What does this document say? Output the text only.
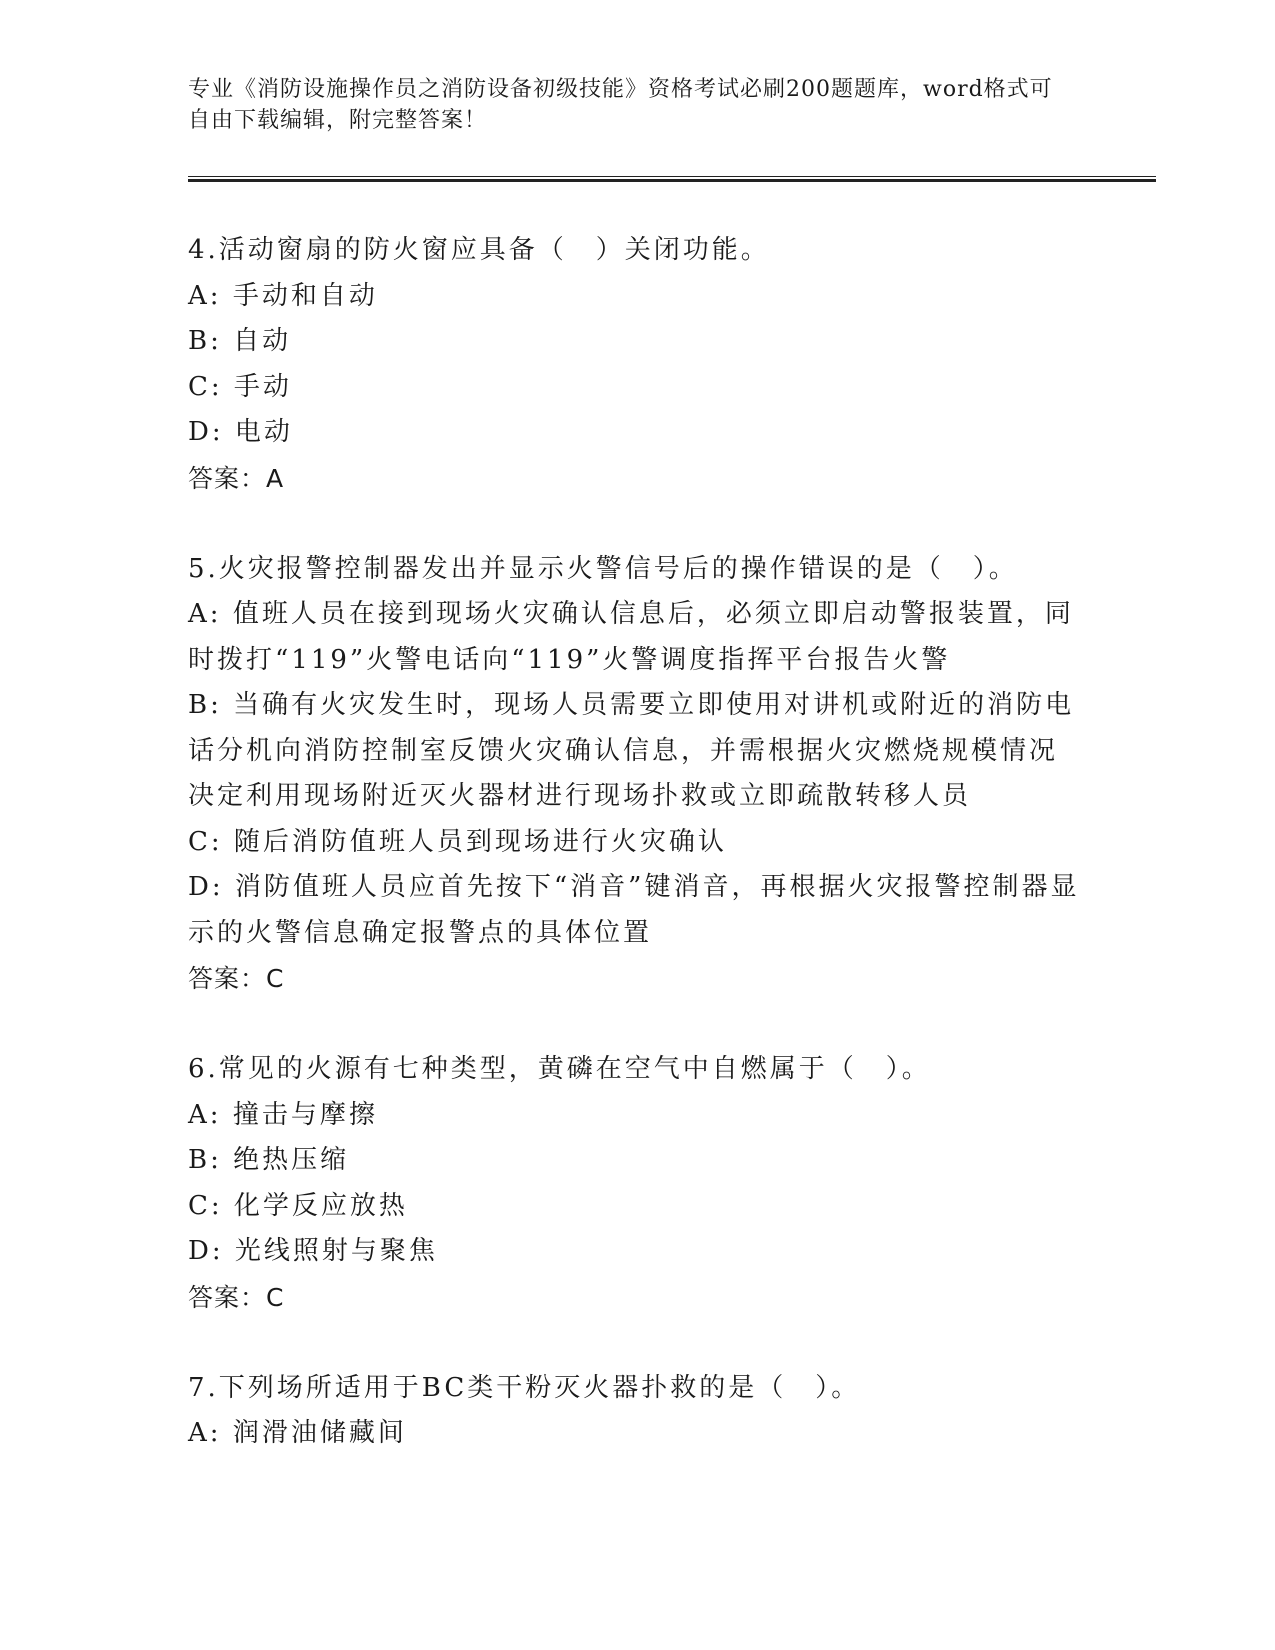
专业《消防设施操作员之消防设备初级技能》资格考试必刷200题题库，word格式可自由下载编辑，附完整答案！
4.活动窗扇的防火窗应具备（　）关闭功能。
A: 手动和自动
B: 自动
C: 手动
D: 电动
答案：A
5.火灾报警控制器发出并显示火警信号后的操作错误的是（　）。
A: 值班人员在接到现场火灾确认信息后，必须立即启动警报装置，同时拨打“119”火警电话向“119”火警调度指挥平台报告火警
B: 当确有火灾发生时，现场人员需要立即使用对讲机或附近的消防电话分机向消防控制室反馈火灾确认信息，并需根据火灾燃烧规模情况决定利用现场附近灭火器材进行现场扑救或立即疏散转移人员
C: 随后消防值班人员到现场进行火灾确认
D: 消防值班人员应首先按下“消音”键消音，再根据火灾报警控制器显示的火警信息确定报警点的具体位置
答案：C
6.常见的火源有七种类型，黄磷在空气中自燃属于（　）。
A: 撞击与摩擦
B: 绝热压缩
C: 化学反应放热
D: 光线照射与聚焦
答案：C
7.下列场所适用于BC类干粉灭火器扑救的是（　）。
A: 润滑油储藏间
